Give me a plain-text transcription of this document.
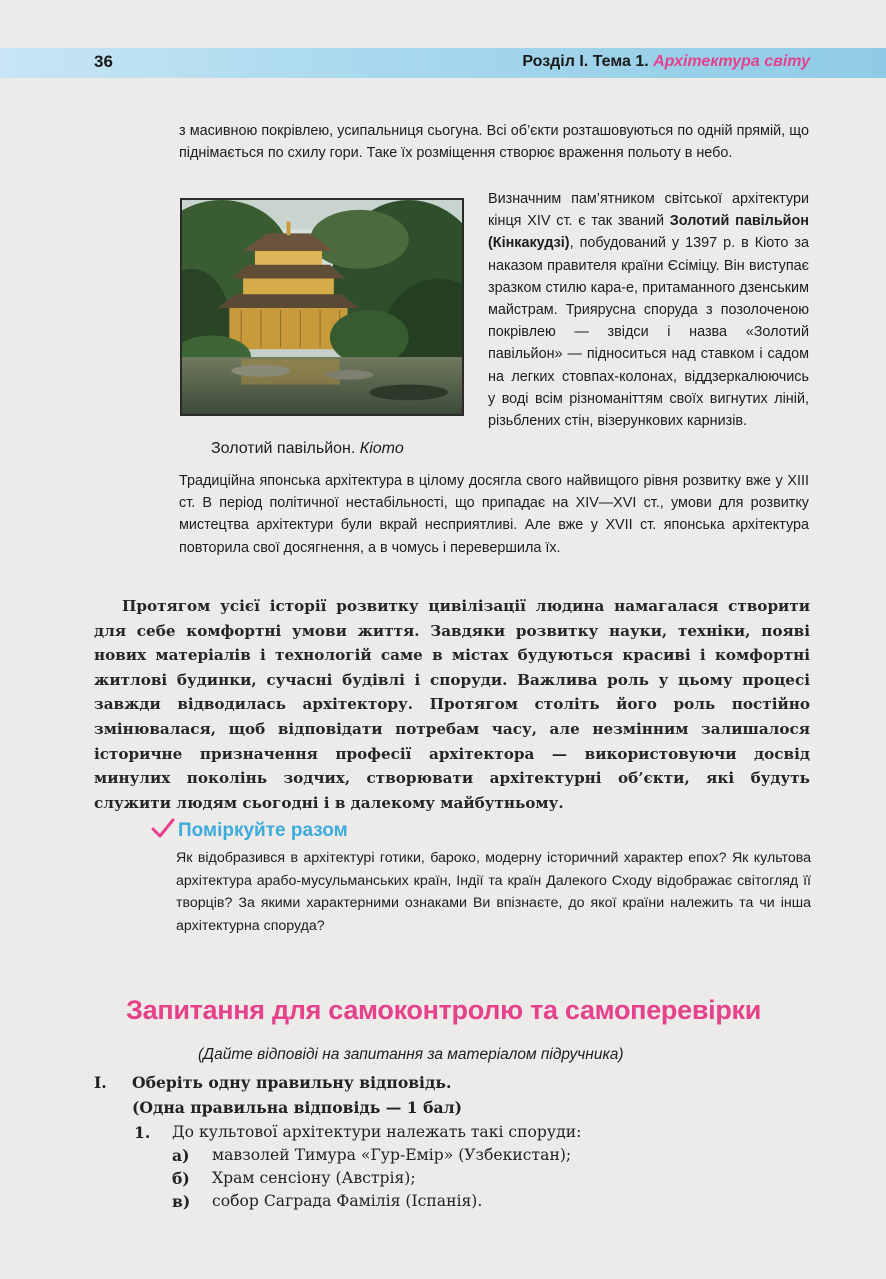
36	Розділ І. Тема 1. Архітектура світу

з масивною покрівлею, усипальниця сьогуна. Всі об’єкти розташовуються по одній прямій, що піднімається по схилу гори. Таке їх розміщення створює враження польоту в небо.

Золотий павільйон. Кіото

Визначним пам’ятником світської архітектури кінця XIV ст. є так званий Золотий павільйон (Кінкакудзі), побудований у 1397 р. в Кіото за наказом правителя країни Єсіміцу. Він виступає зразком стилю кара-е, притаманного дзенським майстрам. Триярусна споруда з позолоченою покрівлею — звідси і назва «Золотий павільйон» — підноситься над ставком і садом на легких стовпах-колонах, віддзеркалюючись у воді всім різноманіттям своїх вигнутих ліній, різьблених стін, візерункових карнизів.

Традиційна японська архітектура в цілому досягла свого найвищого рівня розвитку вже у XIII ст. В період політичної нестабільності, що припадає на XIV—XVI ст., умови для розвитку мистецтва архітектури були вкрай несприятливі. Але вже у XVII ст. японська архітектура повторила свої досягнення, а в чомусь і перевершила їх.

Протягом усієї історії розвитку цивілізації людина намагалася створити для себе комфортні умови життя. Завдяки розвитку науки, техніки, появі нових матеріалів і технологій саме в містах будуються красиві і комфортні житлові будинки, сучасні будівлі і споруди. Важлива роль у цьому процесі завжди відводилась архітектору. Протягом століть його роль постійно змінювалася, щоб відповідати потребам часу, але незмінним залишалося історичне призначення професії архітектора — використовуючи досвід минулих поколінь зодчих, створювати архітектурні об’єкти, які будуть служити людям сьогодні і в далекому майбутньому.

Поміркуйте разом

Як відобразився в архітектурі готики, бароко, модерну історичний характер епох? Як культова архітектура арабо-мусульманських країн, Індії та країн Далекого Сходу відображає світогляд її творців? За якими характерними ознаками Ви впізнаєте, до якої країни належить та чи інша архітектурна споруда?

Запитання для самоконтролю та самоперевірки
(Дайте відповіді на запитання за матеріалом підручника)
I. Оберіть одну правильну відповідь.
(Одна правильна відповідь — 1 бал)
1. До культової архітектури належать такі споруди:
а) мавзолей Тимура «Гур-Емір» (Узбекистан);
б) Храм сенсіону (Австрія);
в) собор Саграда Фамілія (Іспанія).
